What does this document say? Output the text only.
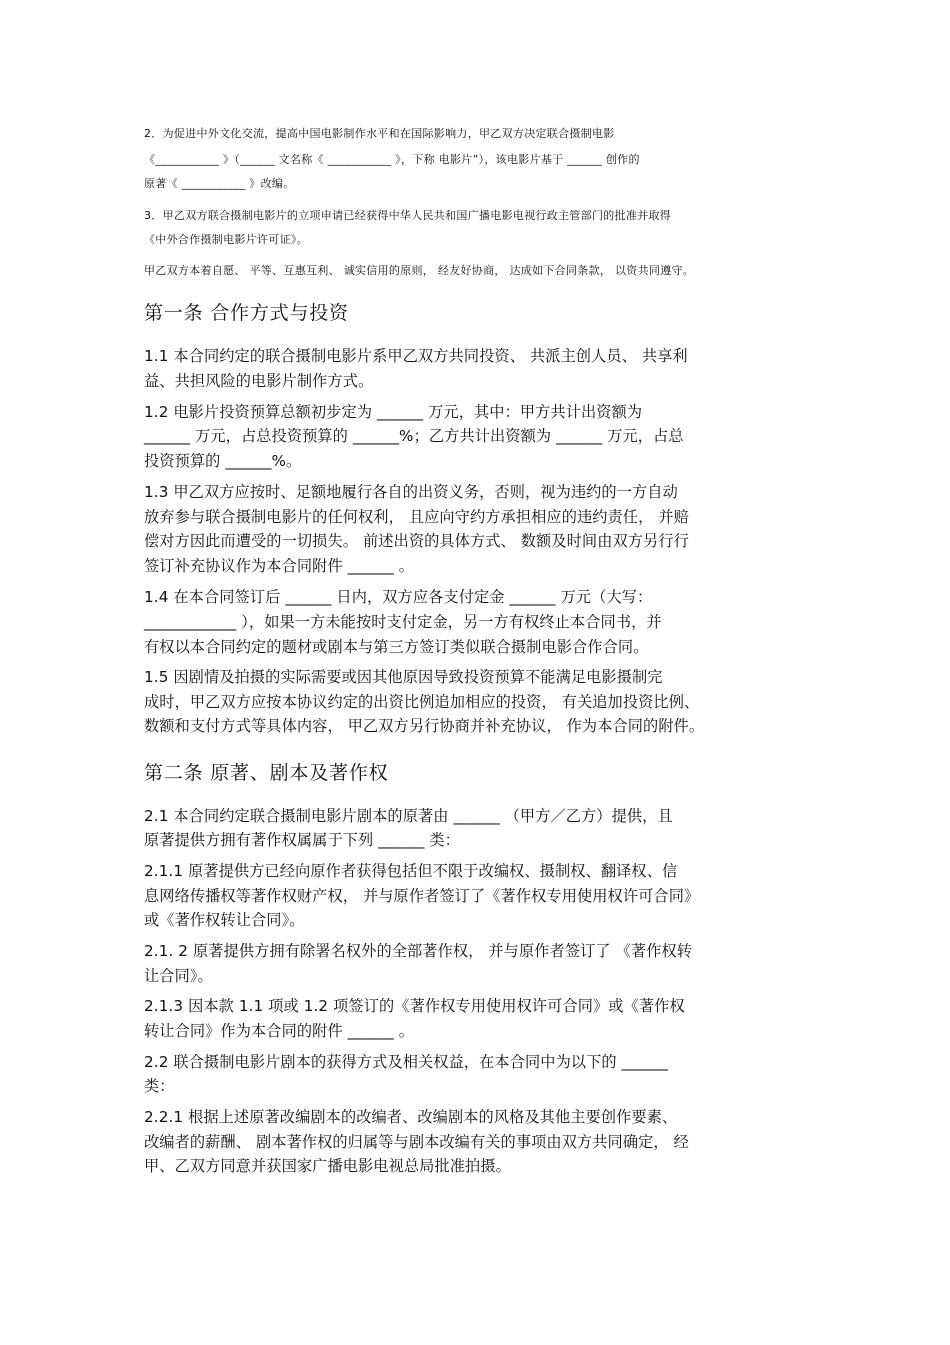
2．为促进中外文化交流，提高中国电影制作水平和在国际影响力，甲乙双方决定联合摄制电影
《___________ 》（______ 文名称《 ___________ 》，下称 电影片”），该电影片基于 ______ 创作的
原著《 ___________ 》改编。
3．甲乙双方联合摄制电影片的立项申请已经获得中华人民共和国广播电影电视行政主管部门的批准并取得
《中外合作摄制电影片许可证》。
甲乙双方本着自愿、 平等、互惠互利、 诚实信用的原则， 经友好协商， 达成如下合同条款， 以资共同遵守。
第一条 合作方式与投资
1.1 本合同约定的联合摄制电影片系甲乙双方共同投资、 共派主创人员、 共享利
益、共担风险的电影片制作方式。
1.2 电影片投资预算总额初步定为 ______ 万元，其中：甲方共计出资额为
______ 万元，占总投资预算的 ______%；乙方共计出资额为 ______ 万元，占总
投资预算的 ______%。
1.3 甲乙双方应按时、足额地履行各自的出资义务，否则，视为违约的一方自动
放弃参与联合摄制电影片的任何权利， 且应向守约方承担相应的违约责任， 并赔
偿对方因此而遭受的一切损失。 前述出资的具体方式、 数额及时间由双方另行行
签订补充协议作为本合同附件 ______ 。
1.4 在本合同签订后 ______ 日内，双方应各支付定金 ______ 万元（大写：
____________ ），如果一方未能按时支付定金，另一方有权终止本合同书，并
有权以本合同约定的题材或剧本与第三方签订类似联合摄制电影合作合同。
1.5 因剧情及拍摄的实际需要或因其他原因导致投资预算不能满足电影摄制完
成时，甲乙双方应按本协议约定的出资比例追加相应的投资， 有关追加投资比例、
数额和支付方式等具体内容， 甲乙双方另行协商并补充协议， 作为本合同的附件。
第二条 原著、剧本及著作权
2.1 本合同约定联合摄制电影片剧本的原著由 ______ （甲方／乙方）提供，且
原著提供方拥有著作权属属于下列 ______ 类：
2.1.1 原著提供方已经向原作者获得包括但不限于改编权、摄制权、翻译权、信
息网络传播权等著作权财产权， 并与原作者签订了《著作权专用使用权许可合同》
或《著作权转让合同》。
2.1. 2 原著提供方拥有除署名权外的全部著作权， 并与原作者签订了 《著作权转
让合同》。
2.1.3 因本款 1.1 项或 1.2 项签订的《著作权专用使用权许可合同》或《著作权
转让合同》作为本合同的附件 ______ 。
2.2 联合摄制电影片剧本的获得方式及相关权益，在本合同中为以下的 ______
类：
2.2.1 根据上述原著改编剧本的改编者、改编剧本的风格及其他主要创作要素、
改编者的薪酬、 剧本著作权的归属等与剧本改编有关的事项由双方共同确定， 经
甲、乙双方同意并获国家广播电影电视总局批准拍摄。
